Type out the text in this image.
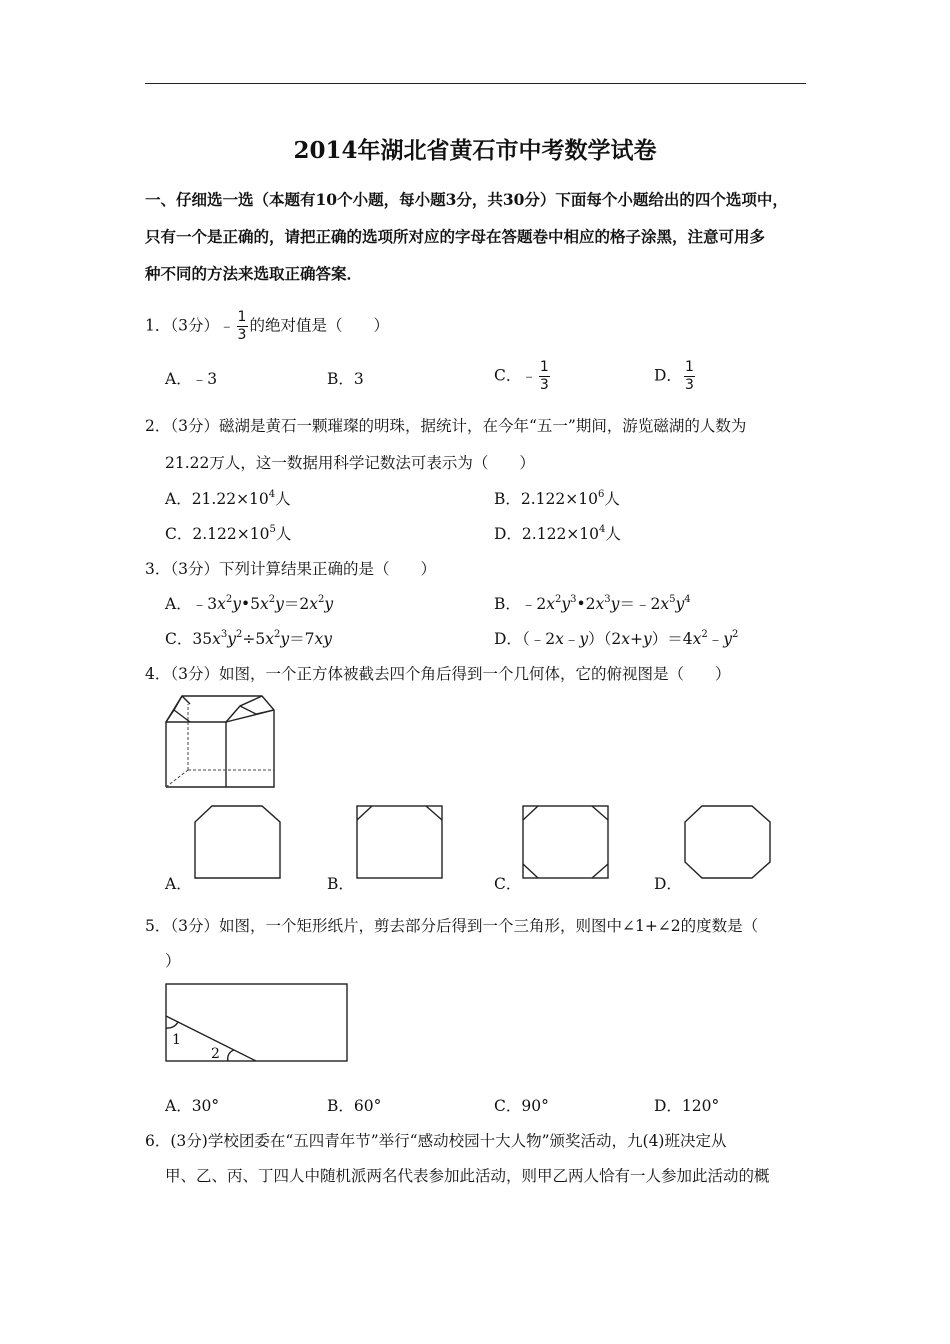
2014年湖北省黄石市中考数学试卷
一、仔细选一选（本题有10个小题，每小题3分，共30分）下面每个小题给出的四个选项中，
只有一个是正确的，请把正确的选项所对应的字母在答题卷中相应的格子涂黑，注意可用多
种不同的方法来选取正确答案．
1．（3分）﹣ $\frac{1}{3}$ 的绝对值是（　　）
A．﹣3	B．3	C．﹣ $\frac{1}{3}$	D． $\frac{1}{3}$
2．（3分）磁湖是黄石一颗璀璨的明珠，据统计，在今年“五一”期间，游览磁湖的人数为
21.22万人，这一数据用科学记数法可表示为（　　）
A．$21.22\times 10^4$人	B．$2.122\times 10^6$人
C．$2.122\times 10^5$人	D．$2.122\times 10^4$人
3．（3分）下列计算结果正确的是（　　）
A．$﹣3x^2y•5x^2y=2x^2y$	B．$﹣2x^2y^3•2x^3y=﹣2x^5y^4$
C．$35x^3y^2\div 5x^2y=7xy$	D．$(﹣2x﹣y)(2x+y)=4x^2﹣y^2$
4．（3分）如图，一个正方体被截去四个角后得到一个几何体，它的俯视图是（　　）
A．	B．	C．	D．
5．（3分）如图，一个矩形纸片，剪去部分后得到一个三角形，则图中∠1+∠2的度数是（
）
1
2
A．30°	B．60°	C．90°	D．120°
6．(3分)学校团委在“五四青年节”举行“感动校园十大人物”颁奖活动，九(4)班决定从
甲、乙、丙、丁四人中随机派两名代表参加此活动，则甲乙两人恰有一人参加此活动的概
